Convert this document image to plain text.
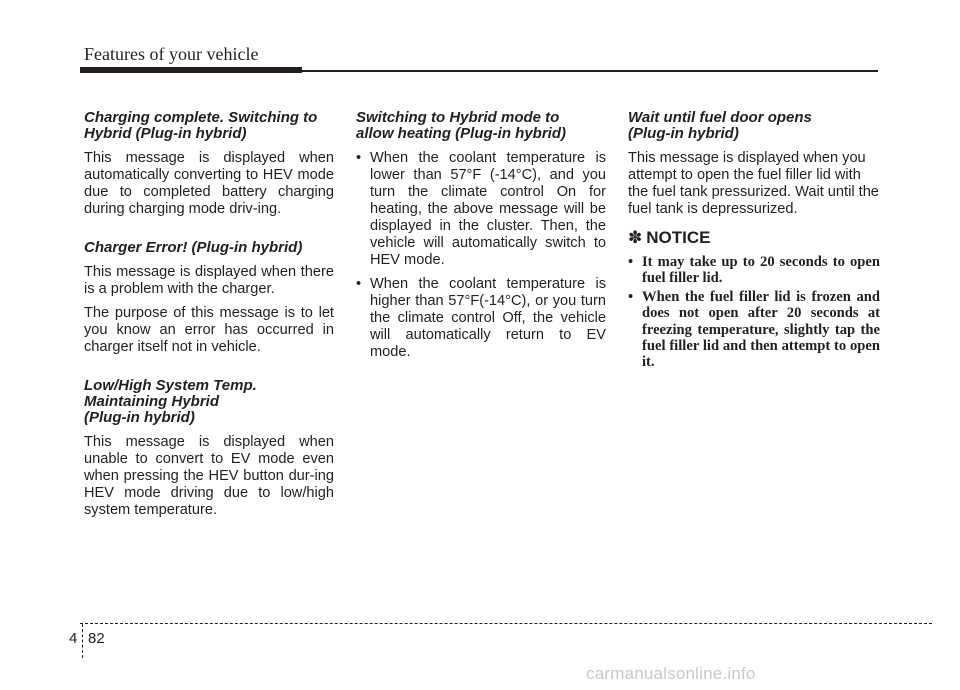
Features of your vehicle
Charging complete. Switching to
Hybrid (Plug-in hybrid)

This message is displayed when automatically converting to HEV mode due to completed battery charging during charging mode driv-ing.

Charger Error! (Plug-in hybrid)

This message is displayed when there is a problem with the charger.

The purpose of this message is to let you know an error has occurred in charger itself not in vehicle.

Low/High System Temp.
Maintaining Hybrid
(Plug-in hybrid)

This message is displayed when unable to convert to EV mode even when pressing the HEV button dur-ing HEV mode driving due to low/high system temperature.

Switching to Hybrid mode to
allow heating (Plug-in hybrid)
• When the coolant temperature is lower than 57°F (-14°C), and you turn the climate control On for heating, the above message will be displayed in the cluster. Then, the vehicle will automatically switch to HEV mode.
• When the coolant temperature is higher than 57°F(-14°C), or you turn the climate control Off, the vehicle will automatically return to EV mode.
Wait until fuel door opens
(Plug-in hybrid)

This message is displayed when you attempt to open the fuel filler lid with the fuel tank pressurized. Wait until the fuel tank is depressurized.

✽ NOTICE
• It may take up to 20 seconds to open fuel filler lid.
• When the fuel filler lid is frozen and does not open after 20 seconds at freezing temperature, slightly tap the fuel filler lid and then attempt to open it.
4 82
carmanualsonline.info
